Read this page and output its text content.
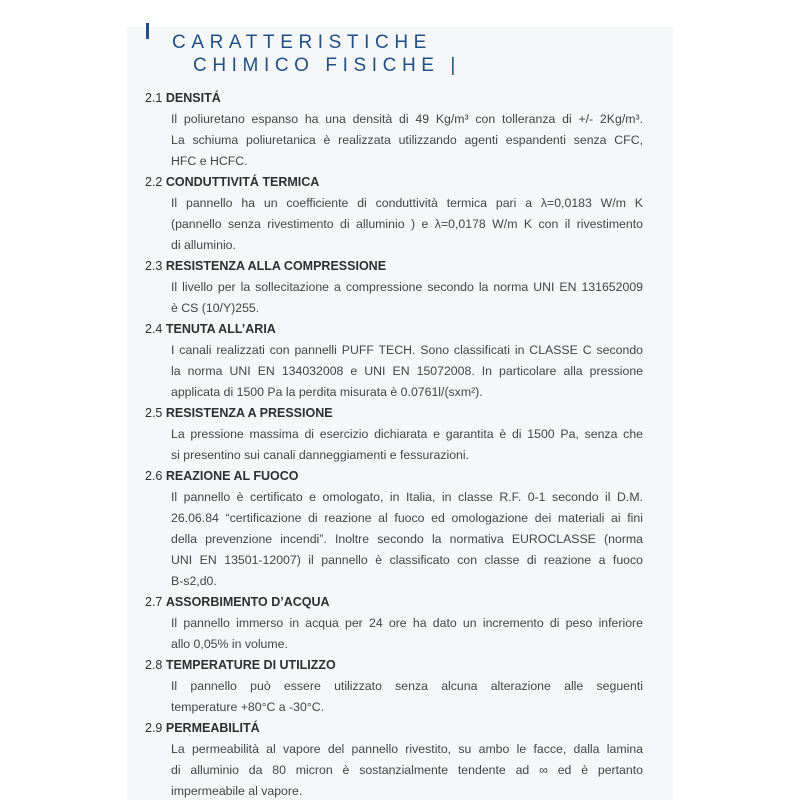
CARATTERISTICHE
CHIMICO FISICHE |
2.1 DENSITÁ
Il poliuretano espanso ha una densità di 49 Kg/m³ con tolleranza di +/- 2Kg/m³.
La schiuma poliuretanica è realizzata utilizzando agenti espandenti senza CFC,
HFC e HCFC.
2.2 CONDUTTIVITÁ TERMICA
Il pannello ha un coefficiente di conduttività termica pari a λ=0,0183 W/m K
(pannello senza rivestimento di alluminio ) e λ=0,0178 W/m K con il rivestimento
di alluminio.
2.3 RESISTENZA ALLA COMPRESSIONE
Il livello per la sollecitazione a compressione secondo la norma UNI EN 131652009
è CS (10/Y)255.
2.4 TENUTA ALL’ARIA
I canali realizzati con pannelli PUFF TECH. Sono classificati in CLASSE C secondo
la norma UNI EN 134032008 e UNI EN 15072008. In particolare alla pressione
applicata di 1500 Pa la perdita misurata è 0.0761l/(sxm²).
2.5 RESISTENZA A PRESSIONE
La pressione massima di esercizio dichiarata e garantita è di 1500 Pa, senza che
si presentino sui canali danneggiamenti e fessurazioni.
2.6 REAZIONE AL FUOCO
Il pannello è certificato e omologato, in Italia, in classe R.F. 0-1 secondo il D.M.
26.06.84 “certificazione di reazione al fuoco ed omologazione dei materiali ai fini
della prevenzione incendi”. Inoltre secondo la normativa EUROCLASSE (norma
UNI EN 13501-12007) il pannello è classificato con classe di reazione a fuoco
B-s2,d0.
2.7 ASSORBIMENTO D’ACQUA
Il pannello immerso in acqua per 24 ore ha dato un incremento di peso inferiore
allo 0,05% in volume.
2.8 TEMPERATURE DI UTILIZZO
Il pannello può essere utilizzato senza alcuna alterazione alle seguenti
temperature +80°C a -30°C.
2.9 PERMEABILITÁ
La permeabilità al vapore del pannello rivestito, su ambo le facce, dalla lamina
di alluminio da 80 micron è sostanzialmente tendente ad ∞ ed è pertanto
impermeabile al vapore.
